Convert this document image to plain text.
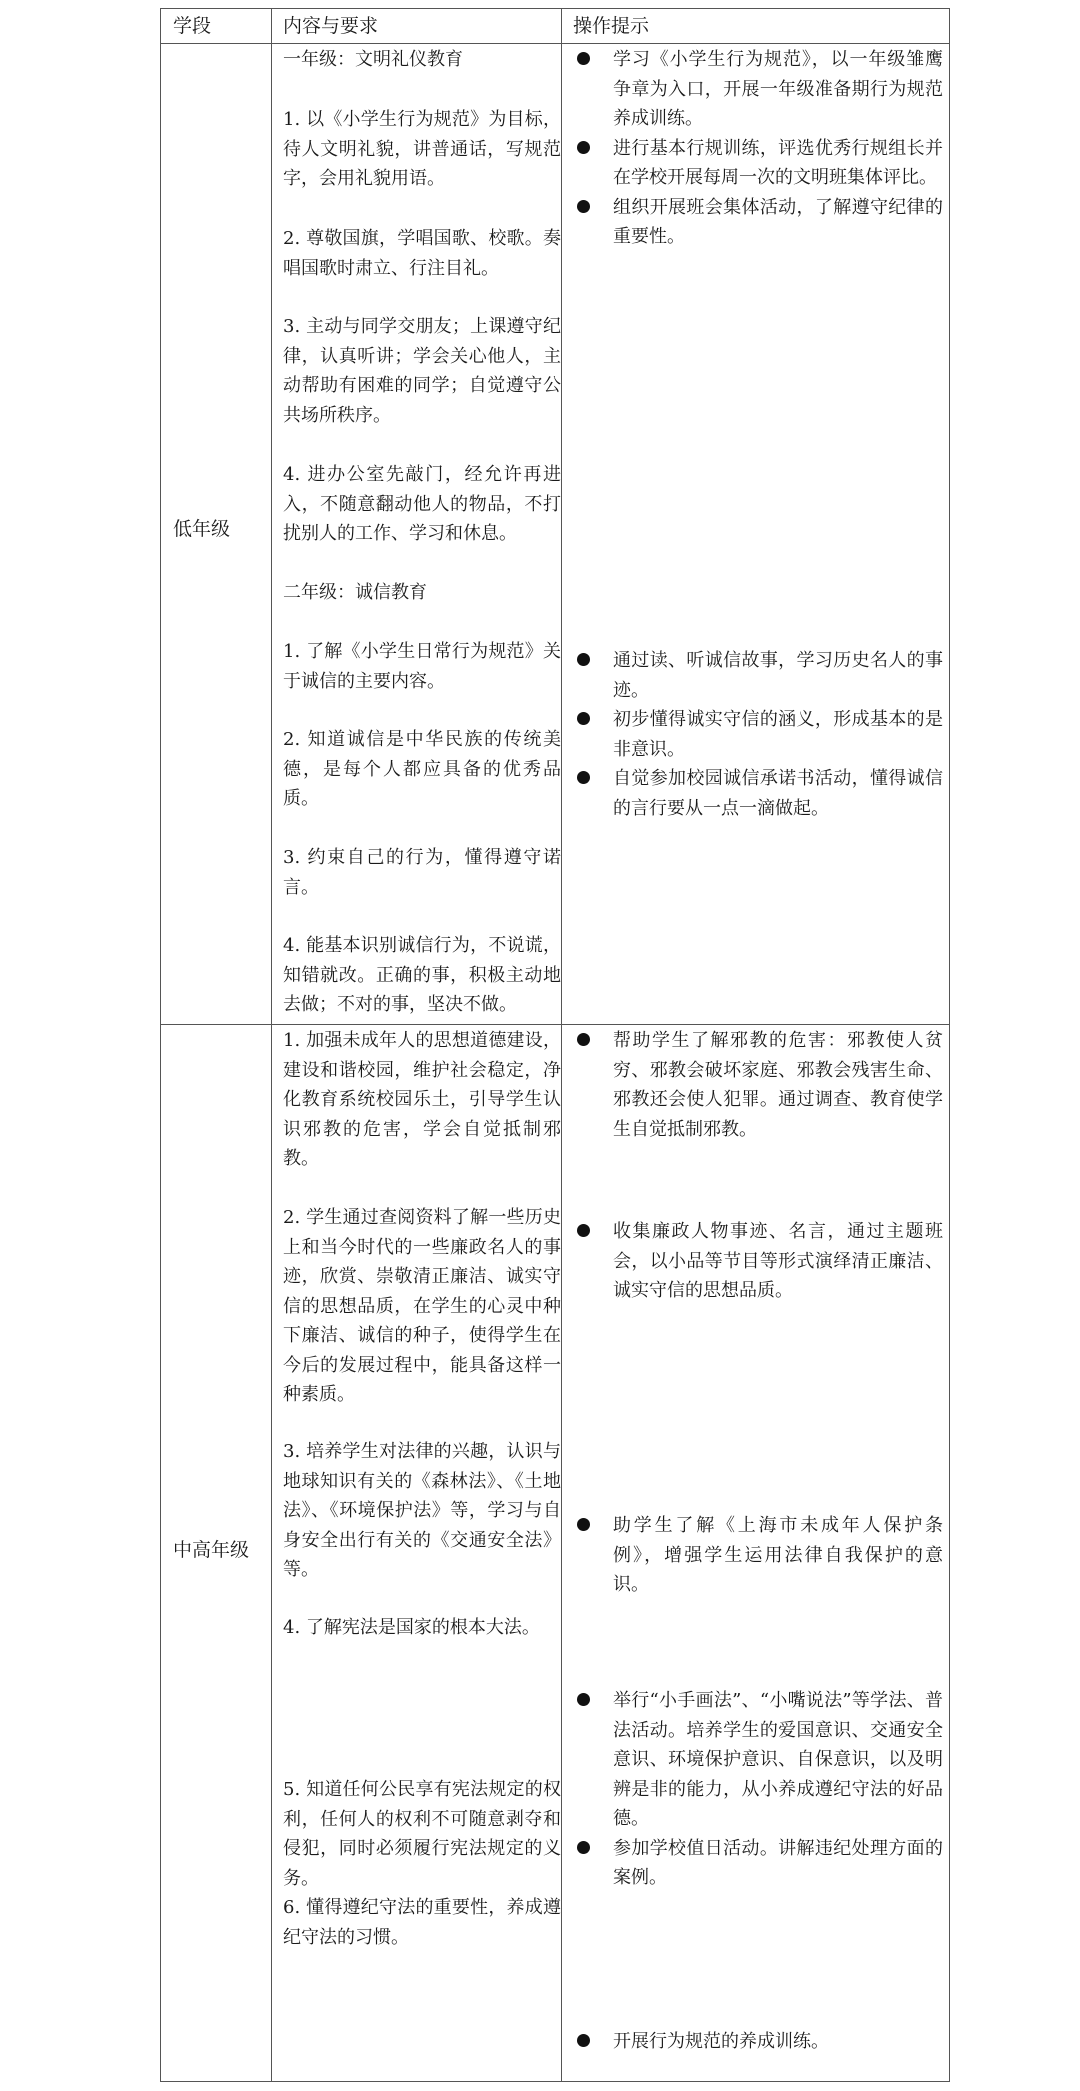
学段	内容与要求	操作提示
低年级
一年级：文明礼仪教育
1. 以《小学生行为规范》为目标，待人文明礼貌，讲普通话，写规范字，会用礼貌用语。
2. 尊敬国旗，学唱国歌、校歌。奏唱国歌时肃立、行注目礼。
3. 主动与同学交朋友；上课遵守纪律，认真听讲；学会关心他人，主动帮助有困难的同学；自觉遵守公共场所秩序。
4. 进办公室先敲门，经允许再进入，不随意翻动他人的物品，不打扰别人的工作、学习和休息。
二年级：诚信教育
1. 了解《小学生日常行为规范》关于诚信的主要内容。
2. 知道诚信是中华民族的传统美德，是每个人都应具备的优秀品质。
3. 约束自己的行为，懂得遵守诺言。
4. 能基本识别诚信行为，不说谎，知错就改。正确的事，积极主动地去做；不对的事，坚决不做。
学习《小学生行为规范》，以一年级雏鹰争章为入口，开展一年级准备期行为规范养成训练。
进行基本行规训练，评选优秀行规组长并在学校开展每周一次的文明班集体评比。
组织开展班会集体活动，了解遵守纪律的重要性。
通过读、听诚信故事，学习历史名人的事迹。
初步懂得诚实守信的涵义，形成基本的是非意识。
自觉参加校园诚信承诺书活动，懂得诚信的言行要从一点一滴做起。
中高年级
1. 加强未成年人的思想道德建设，建设和谐校园，维护社会稳定，净化教育系统校园乐土，引导学生认识邪教的危害，学会自觉抵制邪教。
2. 学生通过查阅资料了解一些历史上和当今时代的一些廉政名人的事迹，欣赏、崇敬清正廉洁、诚实守信的思想品质，在学生的心灵中种下廉洁、诚信的种子，使得学生在今后的发展过程中，能具备这样一种素质。
3. 培养学生对法律的兴趣，认识与地球知识有关的《森林法》、《土地法》、《环境保护法》等，学习与自身安全出行有关的《交通安全法》等。
4. 了解宪法是国家的根本大法。
5. 知道任何公民享有宪法规定的权利，任何人的权利不可随意剥夺和侵犯，同时必须履行宪法规定的义务。
6. 懂得遵纪守法的重要性，养成遵纪守法的习惯。
帮助学生了解邪教的危害：邪教使人贫穷、邪教会破坏家庭、邪教会残害生命、邪教还会使人犯罪。通过调查、教育使学生自觉抵制邪教。
收集廉政人物事迹、名言，通过主题班会，以小品等节目等形式演绎清正廉洁、诚实守信的思想品质。
助学生了解《上海市未成年人保护条例》，增强学生运用法律自我保护的意识。
举行“小手画法”、“小嘴说法”等学法、普法活动。培养学生的爱国意识、交通安全意识、环境保护意识、自保意识，以及明辨是非的能力，从小养成遵纪守法的好品德。
参加学校值日活动。讲解违纪处理方面的案例。
开展行为规范的养成训练。
